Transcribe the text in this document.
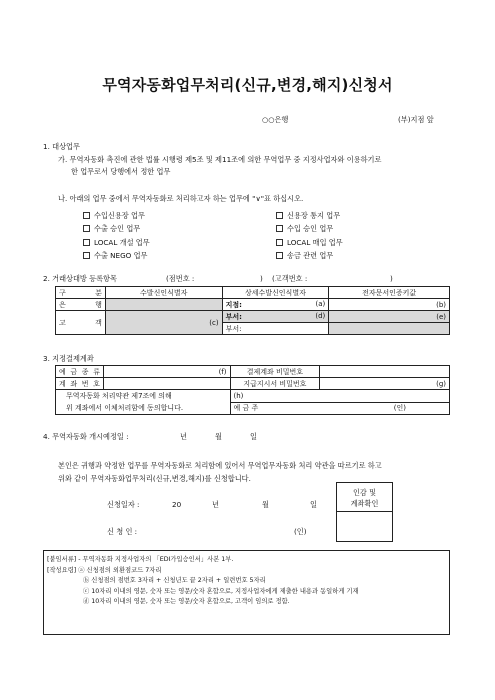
무역자동화업무처리(신규,변경,해지)신청서
○○은행	(부)지점 앞
1. 대상업무
가. 무역자동화 촉진에 관한 법률 시행령 제5조 및 제11조에 의한 무역업무 중 지정사업자와 이용하기로
한 업무로서 당행에서 정한 업무
나. 아래의 업무 중에서 무역자동화로 처리하고자 하는 업무에 "∨"표 하십시오.
수입신용장 업무
수출 승인 업무
LOCAL 개설 업무
수출 NEGO 업무
신용장 통지 업무
수입 승인 업무
LOCAL 매입 업무
송금 관련 업무
2. 거래상대방 등록항목	(점번호 :	) (고객번호 :	)
구 분	수발신인식별자	상세수발신인식별자	전자문서인증키값
은 행		지점: (a)	(b)
고 객	(c)	부서: (d)	(e)
		부서:	
3. 지정결제계좌
예 금 종 류	(f)	결제계좌 비밀번호	
계 좌 번 호		지급지시서 비밀번호	(g)

무역자동화 처리약관 제7조에 의해
위 계좌에서 이체처리함에 동의합니다.		(h)	
		예 금 주 (인)	
4. 무역자동화 개시예정일 :	년	월	일
본인은 귀행과 약정한 업무를 무역자동화로 처리함에 있어서 무역업무자동화 처리 약관을 따르기로 하고
위와 같이 무역자동화업무처리(신규,변경,해지)를 신청합니다.
신청일자 :	20	년	월	일
신 청 인 :	(인)
인감 및
계좌확인
[붙임서류] - 무역자동화 지정사업자의 「EDI가입승인서」사본 1부.
[작성요령] ⓐ 신청점의 외환점코드 7자리
ⓑ 신청점의 점번호 3자리 + 신청년도 끝 2자리 + 일련번호 5자리
ⓒ 10자리 이내의 영문, 숫자 또는 영문/숫자 혼합으로, 지정사업자에게 제출한 내용과 동일하게 기재
ⓓ 10자리 이내의 영문, 숫자 또는 영문/숫자 혼합으로, 고객이 임의로 정함.
